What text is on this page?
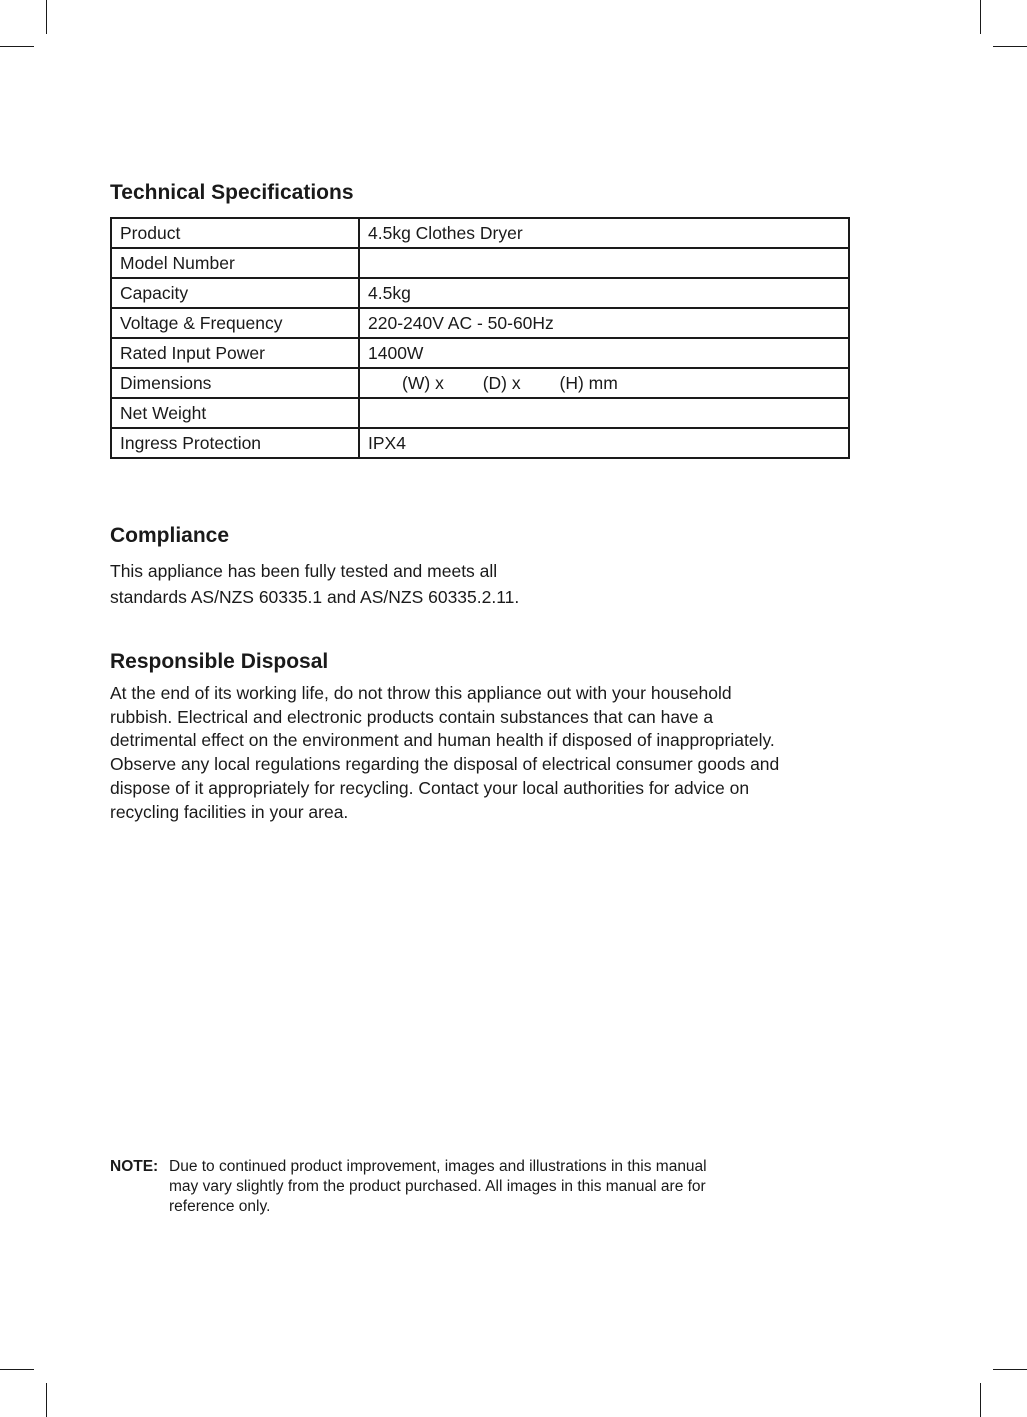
Technical Specifications
Product	4.5kg Clothes Dryer
Model Number	
Capacity	4.5kg
Voltage & Frequency	220-240V AC - 50-60Hz
Rated Input Power	1400W
Dimensions	(W) x        (D) x        (H) mm
Net Weight	
Ingress Protection	IPX4
Compliance

This appliance has been fully tested and meets all
standards AS/NZS 60335.1 and AS/NZS 60335.2.11.

Responsible Disposal

At the end of its working life, do not throw this appliance out with your household
rubbish. Electrical and electronic products contain substances that can have a
detrimental effect on the environment and human health if disposed of inappropriately.
Observe any local regulations regarding the disposal of electrical consumer goods and
dispose of it appropriately for recycling. Contact your local authorities for advice on
recycling facilities in your area.

NOTE: Due to continued product improvement, images and illustrations in this manual
may vary slightly from the product purchased. All images in this manual are for
reference only.
